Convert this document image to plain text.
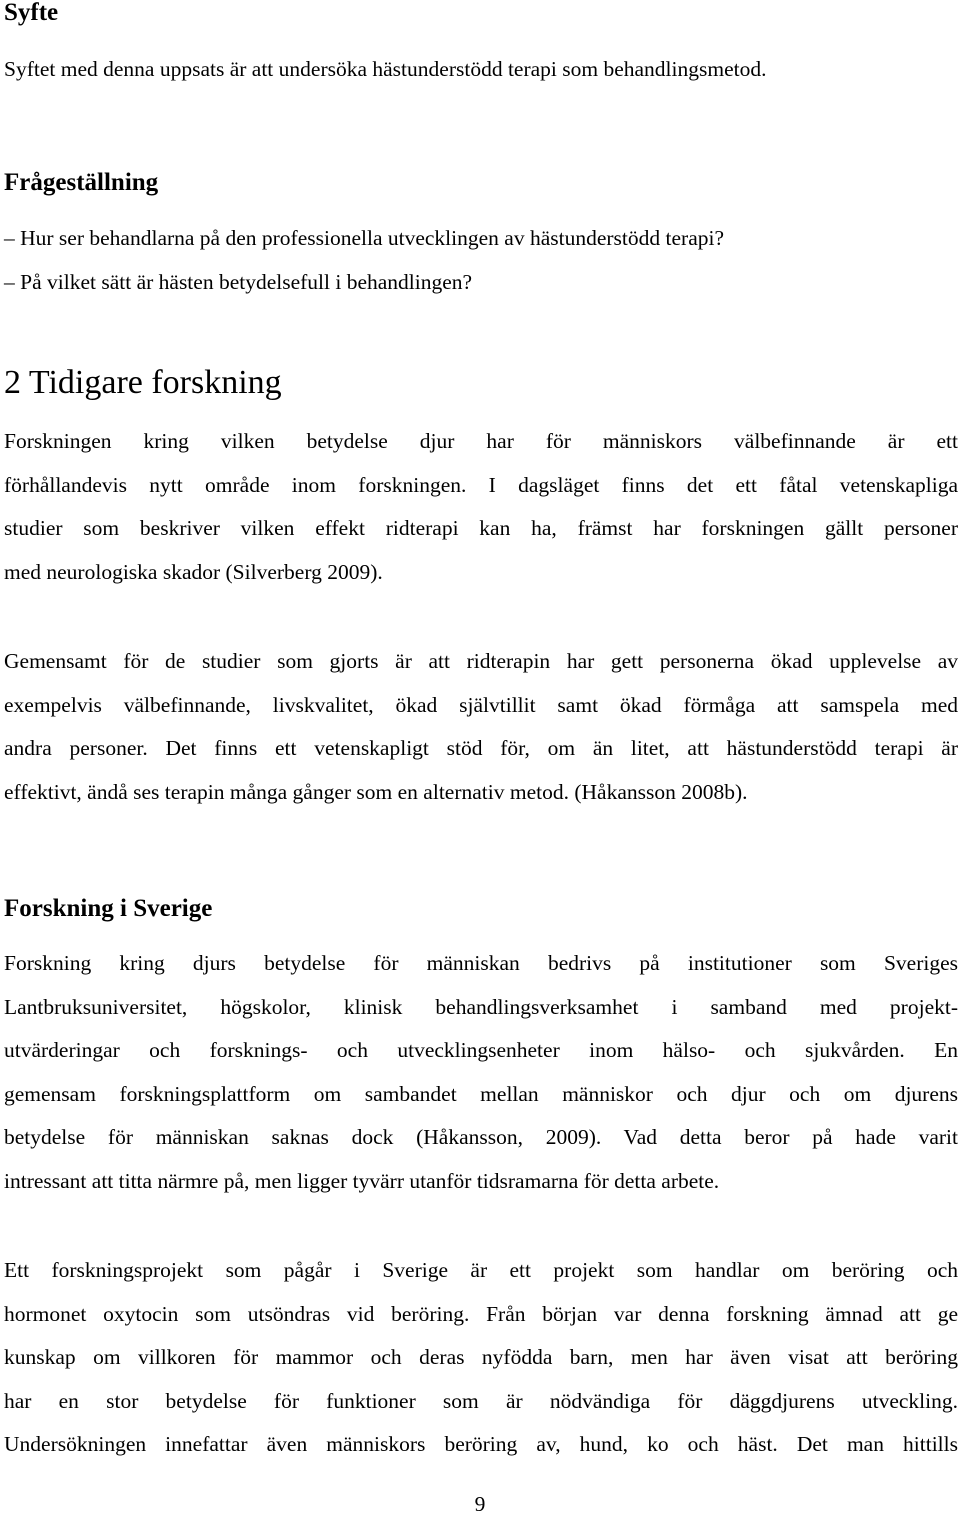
Syfte

Syftet med denna uppsats är att undersöka hästunderstödd terapi som behandlingsmetod.

Frågeställning

– Hur ser behandlarna på den professionella utvecklingen av hästunderstödd terapi?

– På vilket sätt är hästen betydelsefull i behandlingen?

2 Tidigare forskning
Forskningen kring vilken betydelse djur har för människors välbefinnande är ett
förhållandevis nytt område inom forskningen. I dagsläget finns det ett fåtal vetenskapliga
studier som beskriver vilken effekt ridterapi kan ha, främst har forskningen gällt personer
med neurologiska skador (Silverberg 2009).
Gemensamt för de studier som gjorts är att ridterapin har gett personerna ökad upplevelse av
exempelvis välbefinnande, livskvalitet, ökad självtillit samt ökad förmåga att samspela med
andra personer. Det finns ett vetenskapligt stöd för, om än litet, att hästunderstödd terapi är
effektivt, ändå ses terapin många gånger som en alternativ metod. (Håkansson 2008b).
Forskning i Sverige
Forskning kring djurs betydelse för människan bedrivs på institutioner som Sveriges
Lantbruksuniversitet, högskolor, klinisk behandlingsverksamhet i samband med projekt-
utvärderingar och forsknings- och utvecklingsenheter inom hälso- och sjukvården. En
gemensam forskningsplattform om sambandet mellan människor och djur och om djurens
betydelse för människan saknas dock (Håkansson, 2009). Vad detta beror på hade varit
intressant att titta närmre på, men ligger tyvärr utanför tidsramarna för detta arbete.
Ett forskningsprojekt som pågår i Sverige är ett projekt som handlar om beröring och
hormonet oxytocin som utsöndras vid beröring. Från början var denna forskning ämnad att ge
kunskap om villkoren för mammor och deras nyfödda barn, men har även visat att beröring
har en stor betydelse för funktioner som är nödvändiga för däggdjurens utveckling.
Undersökningen innefattar även människors beröring av, hund, ko och häst. Det man hittills
9
